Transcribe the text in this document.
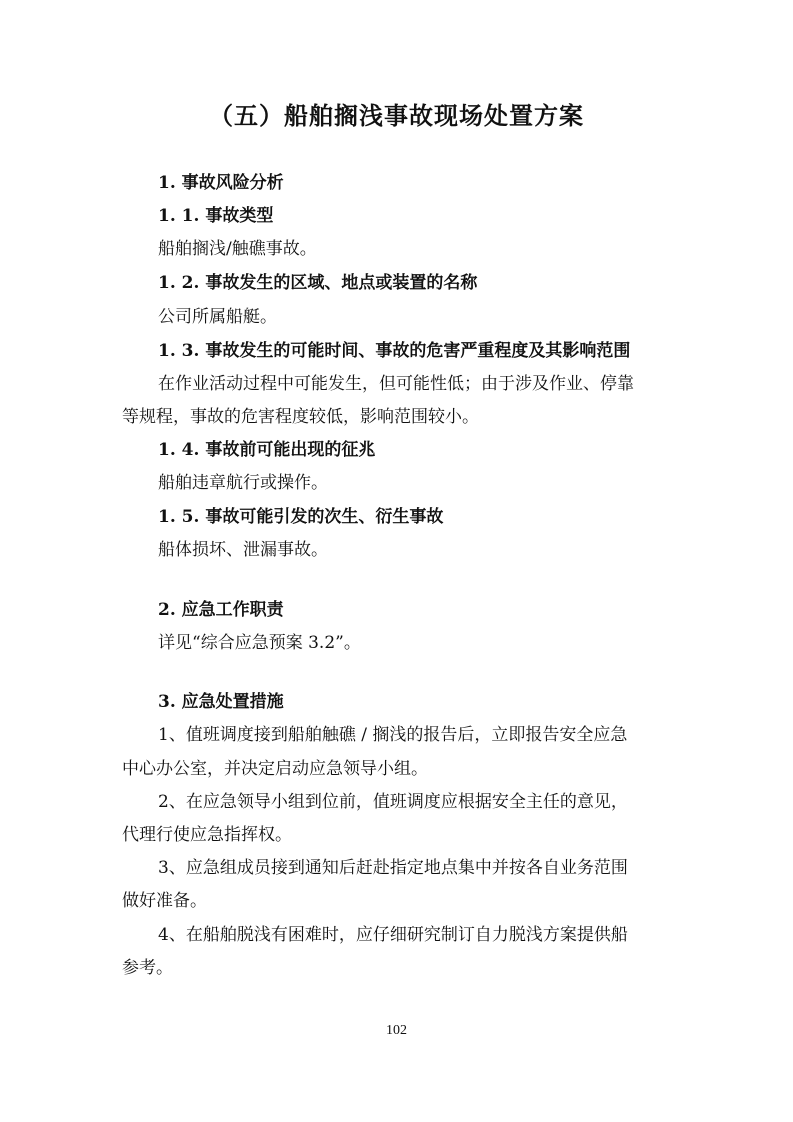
（五）船舶搁浅事故现场处置方案
1. 事故风险分析
1. 1. 事故类型
船舶搁浅/触礁事故。
1. 2. 事故发生的区域、地点或装置的名称
公司所属船艇。
1. 3. 事故发生的可能时间、事故的危害严重程度及其影响范围
在作业活动过程中可能发生，但可能性低；由于涉及作业、停靠
等规程，事故的危害程度较低，影响范围较小。
1. 4. 事故前可能出现的征兆
船舶违章航行或操作。
1. 5. 事故可能引发的次生、衍生事故
船体损坏、泄漏事故。
2. 应急工作职责
详见“综合应急预案 3.2”。
3. 应急处置措施
1、值班调度接到船舶触礁 / 搁浅的报告后，立即报告安全应急
中心办公室，并决定启动应急领导小组。
2、在应急领导小组到位前，值班调度应根据安全主任的意见，
代理行使应急指挥权。
3、应急组成员接到通知后赶赴指定地点集中并按各自业务范围
做好准备。
4、在船舶脱浅有困难时，应仔细研究制订自力脱浅方案提供船
参考。
102
